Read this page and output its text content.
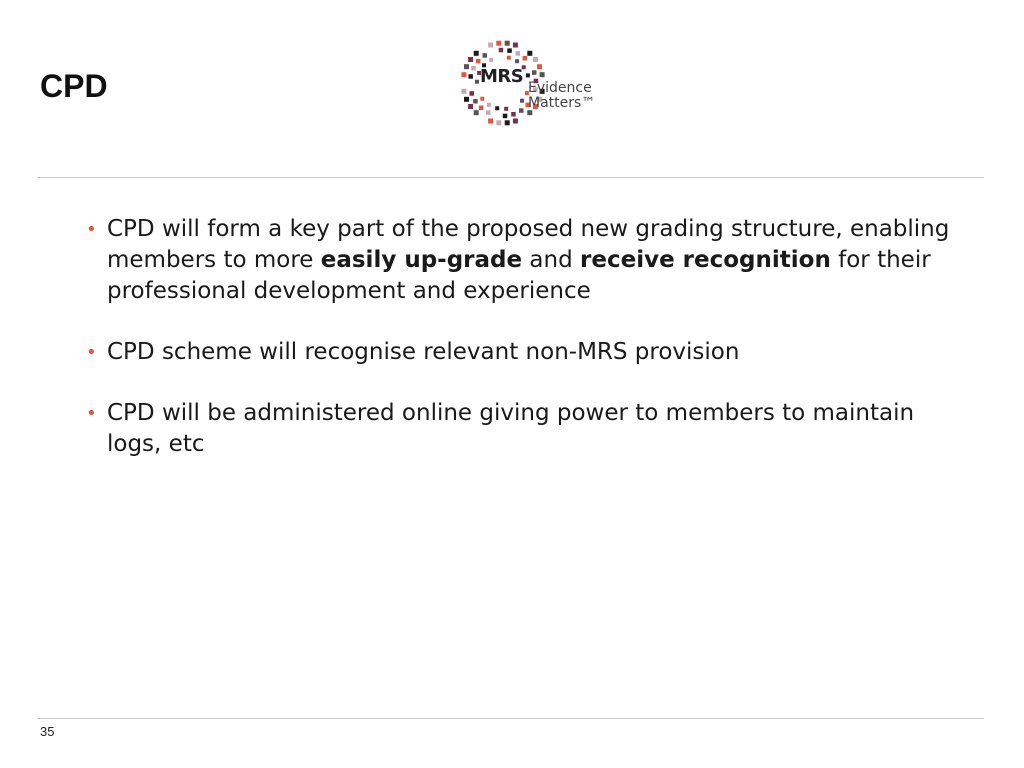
CPD	MRS
Evidence
Matters™
• CPD will form a key part of the proposed new grading structure, enabling members to more easily up-grade and receive recognition for their professional development and experience
• CPD scheme will recognise relevant non-MRS provision
• CPD will be administered online giving power to members to maintain logs, etc
35
